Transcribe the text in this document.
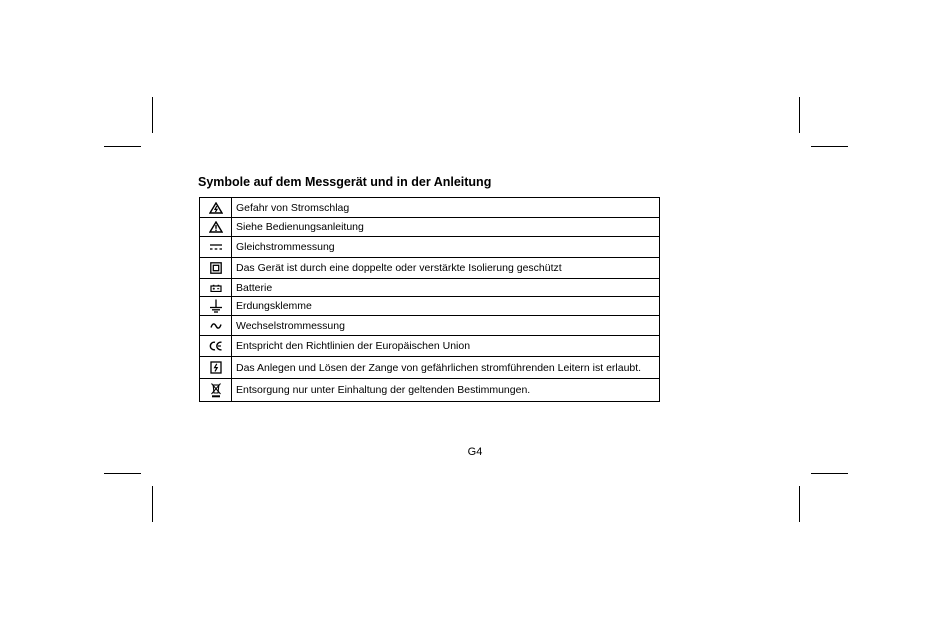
Symbole auf dem Messgerät und in der Anleitung
	Gefahr von Stromschlag

	Siehe Bedienungsanleitung

	Gleichstrommessung

	Das Gerät ist durch eine doppelte oder verstärkte Isolierung geschützt

	Batterie

	Erdungsklemme

	Wechselstrommessung

	Entspricht den Richtlinien der Europäischen Union

	Das Anlegen und Lösen der Zange von gefährlichen stromführenden Leitern ist erlaubt.

	Entsorgung nur unter Einhaltung der geltenden Bestimmungen.
G4
